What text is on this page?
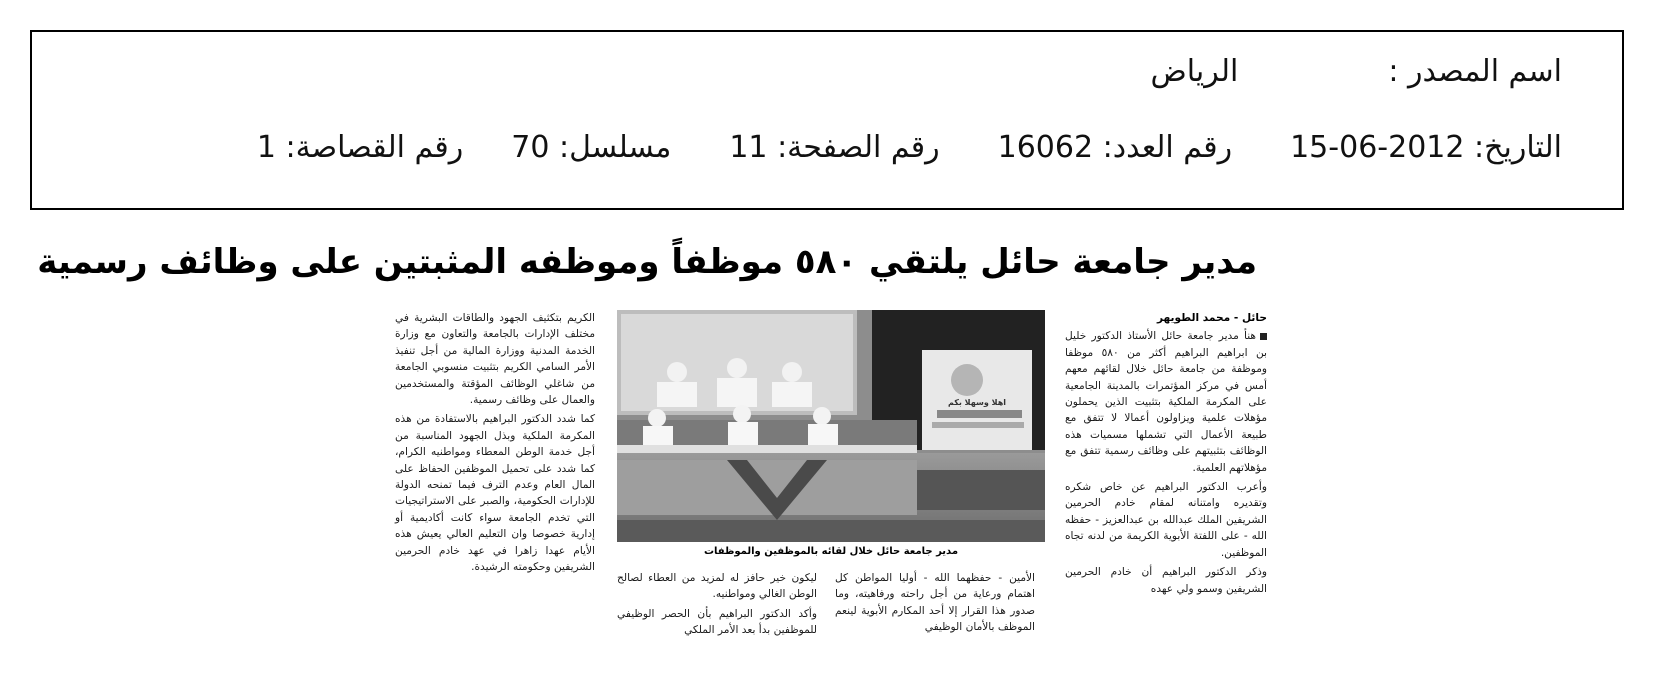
اسم المصدر :الرياض
التاريخ: 2012-06-15رقم العدد: 16062رقم الصفحة: 11مسلسل: 70رقم القصاصة: 1
مدير جامعة حائل يلتقي ٥٨٠ موظفاً وموظفه المثبتين على وظائف رسمية
حائل - محمد الطويهر

هنأ مدير جامعة حائل الأستاذ الدكتور خليل بن ابراهيم البراهيم أكثر من ٥٨٠ موظفا وموظفة من جامعة حائل خلال لقائهم معهم أمس في مركز المؤتمرات بالمدينة الجامعية على المكرمة الملكية بتثبيت الذين يحملون مؤهلات علمية ويزاولون أعمالا لا تتفق مع طبيعة الأعمال التي تشملها مسميات هذه الوظائف بتثبيتهم على وظائف رسمية تتفق مع مؤهلاتهم العلمية.

وأعرب الدكتور البراهيم عن خاص شكره وتقديره وامتنانه لمقام خادم الحرمين الشريفين الملك عبدالله بن عبدالعزيز - حفظه الله - على اللفتة الأبوية الكريمة من لدنه تجاه الموظفين.

وذكر الدكتور البراهيم أن خادم الحرمين الشريفين وسمو ولي عهده

اهلا وسهلا بكم
مدير جامعة حائل خلال لقائه بالموظفين والموظفات

الأمين - حفظهما الله - أوليا المواطن كل اهتمام ورعاية من أجل راحته ورفاهيته، وما صدور هذا القرار إلا أحد المكارم الأبوية لينعم الموظف بالأمان الوظيفي

ليكون خير حافز له لمزيد من العطاء لصالح الوطن الغالي ومواطنيه.

وأكد الدكتور البراهيم بأن الحصر الوظيفي للموظفين بدأ بعد الأمر الملكي

الكريم بتكثيف الجهود والطاقات البشرية في مختلف الإدارات بالجامعة والتعاون مع وزارة الخدمة المدنية ووزارة المالية من أجل تنفيذ الأمر السامي الكريم بتثبيت منسوبي الجامعة من شاغلي الوظائف المؤقتة والمستخدمين والعمال على وظائف رسمية.

كما شدد الدكتور البراهيم بالاستفادة من هذه المكرمة الملكية وبذل الجهود المناسبة من أجل خدمة الوطن المعطاء ومواطنيه الكرام، كما شدد على تحميل الموظفين الحفاظ على المال العام وعدم الترف فيما تمنحه الدولة للإدارات الحكومية، والصبر على الاستراتيجيات التي تخدم الجامعة سواء كانت أكاديمية أو إدارية خصوصا وان التعليم العالي يعيش هذه الأيام عهدا زاهرا في عهد خادم الحرمين الشريفين وحكومته الرشيدة.
